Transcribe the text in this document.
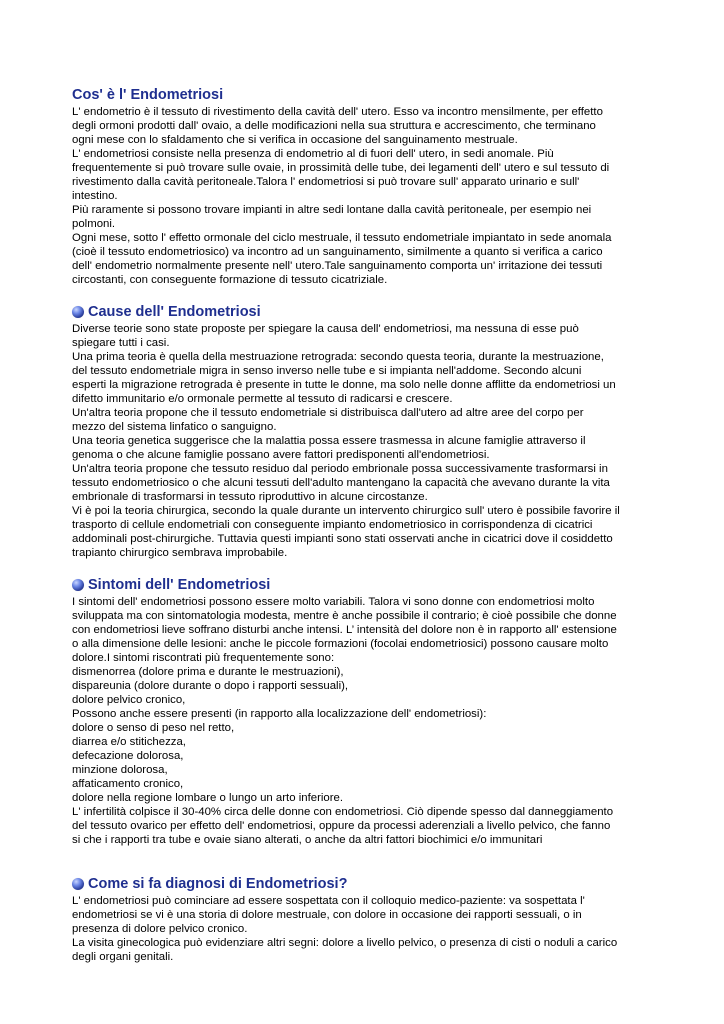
Cos' è l' Endometriosi
L' endometrio è il tessuto di rivestimento della cavità dell' utero. Esso va incontro mensilmente, per effetto
degli ormoni prodotti dall' ovaio, a delle modificazioni nella sua struttura e accrescimento, che terminano
ogni mese con lo sfaldamento che si verifica in occasione del sanguinamento mestruale.
L' endometriosi consiste nella presenza di endometrio al di fuori dell' utero, in sedi anomale. Più
frequentemente si può trovare sulle ovaie, in prossimità delle tube, dei legamenti dell' utero e sul tessuto di
rivestimento dalla cavità peritoneale.Talora l' endometriosi si può trovare sull' apparato urinario e sull'
intestino.
Più raramente si possono trovare impianti in altre sedi lontane dalla cavità peritoneale, per esempio nei
polmoni.
Ogni mese, sotto l' effetto ormonale del ciclo mestruale, il tessuto endometriale impiantato in sede anomala
(cioè il tessuto endometriosico) va incontro ad un sanguinamento, similmente a quanto si verifica a carico
dell' endometrio normalmente presente nell' utero.Tale sanguinamento comporta un' irritazione dei tessuti
circostanti, con conseguente formazione di tessuto cicatriziale.
Cause dell' Endometriosi
Diverse teorie sono state proposte per spiegare la causa dell' endometriosi, ma nessuna di esse può
spiegare tutti i casi.
Una prima teoria è quella della mestruazione retrograda: secondo questa teoria, durante la mestruazione,
del tessuto endometriale migra in senso inverso nelle tube e si impianta nell'addome. Secondo alcuni
esperti la migrazione retrograda è presente in tutte le donne, ma solo nelle donne afflitte da endometriosi un
difetto immunitario e/o ormonale permette al tessuto di radicarsi e crescere.
Un'altra teoria propone che il tessuto endometriale si distribuisca dall'utero ad altre aree del corpo per
mezzo del sistema linfatico o sanguigno.
Una teoria genetica suggerisce che la malattia possa essere trasmessa in alcune famiglie attraverso il
genoma o che alcune famiglie possano avere fattori predisponenti all'endometriosi.
Un'altra teoria propone che tessuto residuo dal periodo embrionale possa successivamente trasformarsi in
tessuto endometriosico o che alcuni tessuti dell'adulto mantengano la capacità che avevano durante la vita
embrionale di trasformarsi in tessuto riproduttivo in alcune circostanze.
Vi è poi la teoria chirurgica, secondo la quale durante un intervento chirurgico sull' utero è possibile favorire il
trasporto di cellule endometriali con conseguente impianto endometriosico in corrispondenza di cicatrici
addominali post-chirurgiche. Tuttavia questi impianti sono stati osservati anche in cicatrici dove il cosiddetto
trapianto chirurgico sembrava improbabile.
Sintomi dell' Endometriosi
I sintomi dell' endometriosi possono essere molto variabili. Talora vi sono donne con endometriosi molto
sviluppata ma con sintomatologia modesta, mentre è anche possibile il contrario; è cioè possibile che donne
con endometriosi lieve soffrano disturbi anche intensi. L’ intensità del dolore non è in rapporto all' estensione
o alla dimensione delle lesioni: anche le piccole formazioni (focolai endometriosici) possono causare molto
dolore.I sintomi riscontrati più frequentemente sono:
dismenorrea (dolore prima e durante le mestruazioni),
dispareunia (dolore durante o dopo i rapporti sessuali),
dolore pelvico cronico,
Possono anche essere presenti (in rapporto alla localizzazione dell' endometriosi):
dolore o senso di peso nel retto,
diarrea e/o stitichezza,
defecazione dolorosa,
minzione dolorosa,
affaticamento cronico,
dolore nella regione lombare o lungo un arto inferiore.
L' infertilità colpisce il 30-40% circa delle donne con endometriosi. Ciò dipende spesso dal danneggiamento
del tessuto ovarico per effetto dell' endometriosi, oppure da processi aderenziali a livello pelvico, che fanno
si che i rapporti tra tube e ovaie siano alterati, o anche da altri fattori biochimici e/o immunitari
Come si fa diagnosi di Endometriosi?
L' endometriosi può cominciare ad essere sospettata con il colloquio medico-paziente: va sospettata l'
endometriosi se vi è una storia di dolore mestruale, con dolore in occasione dei rapporti sessuali, o in
presenza di dolore pelvico cronico.
La visita ginecologica può evidenziare altri segni: dolore a livello pelvico, o presenza di cisti o noduli a carico
degli organi genitali.
